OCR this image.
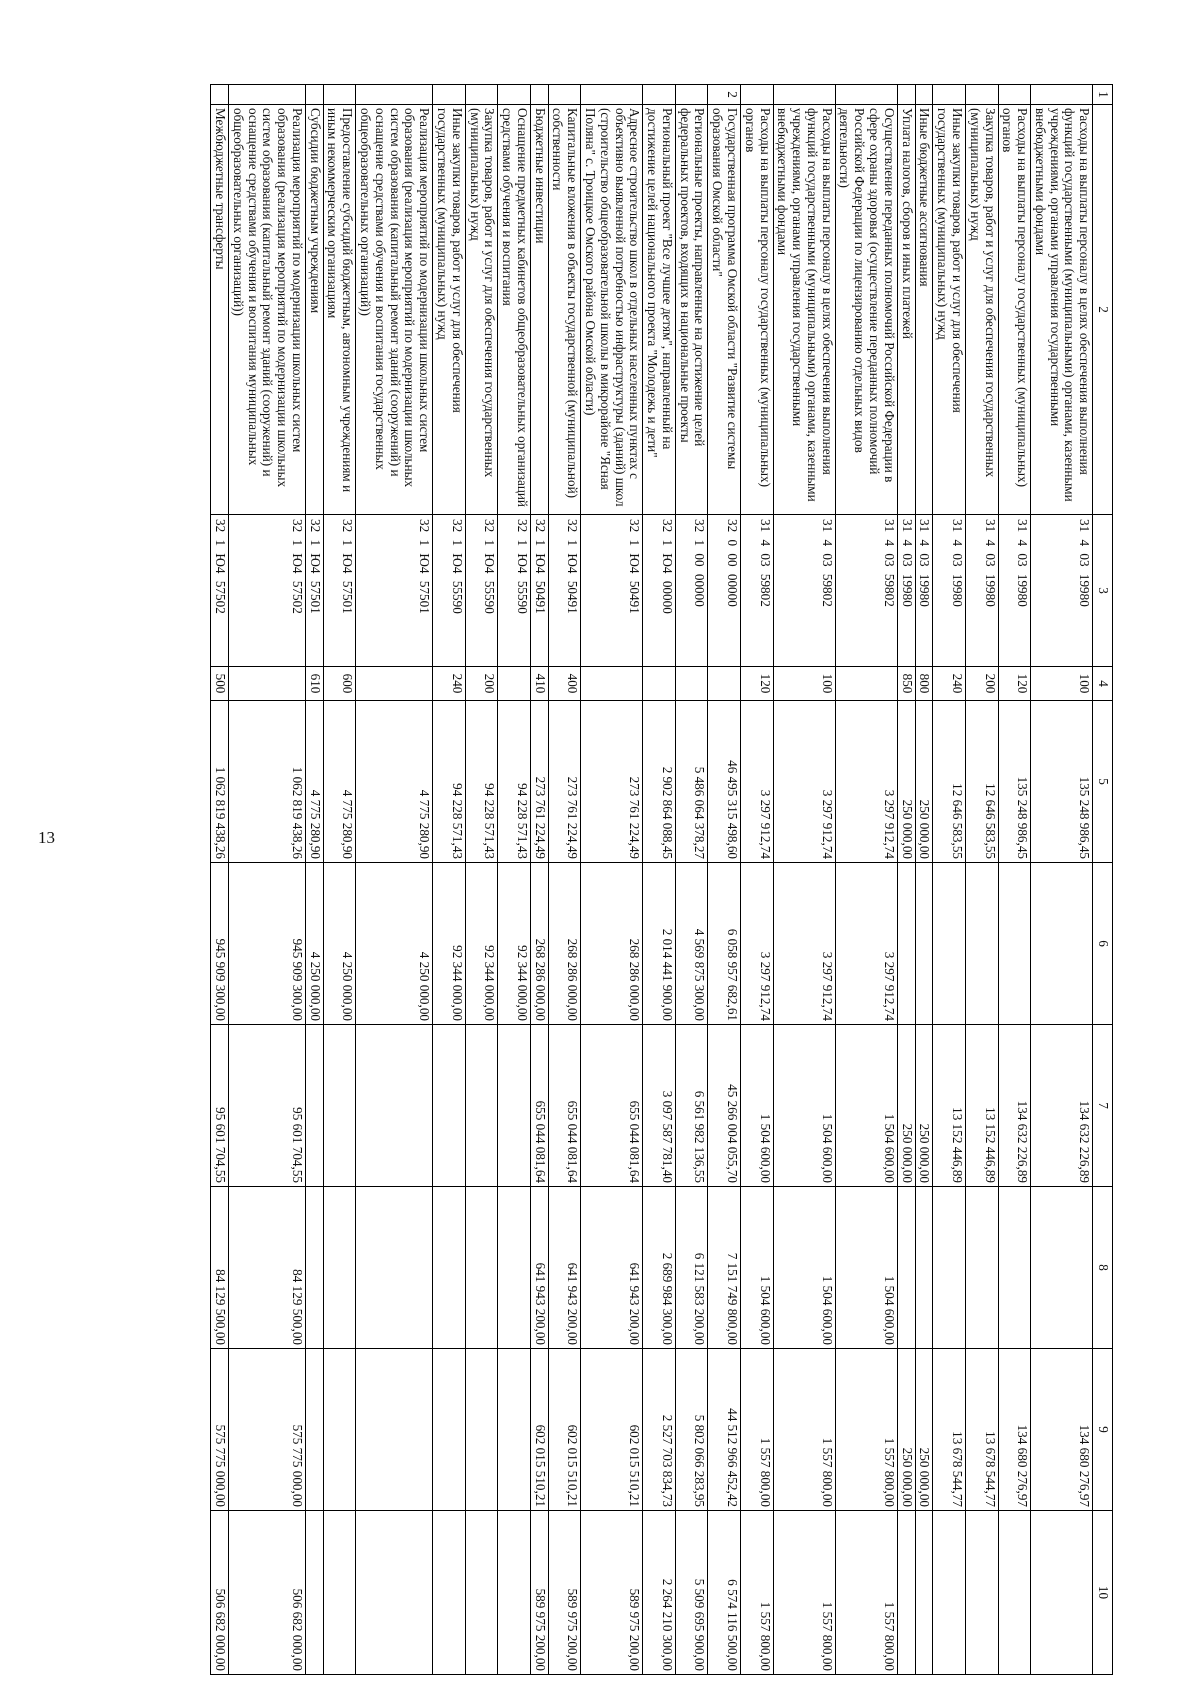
13
1	2	3	4	5	6	7	8	9	10
	Расходы на выплаты персоналу в целях обеспечения выполнения функций государственными (муниципальными) органами, казенными учреждениями, органами управления государственными внебюджетными фондами	31 4 03 19980	100	135 248 986,45		134 632 226,89		134 680 276,97	
	Расходы на выплаты персоналу государственных (муниципальных) органов	31 4 03 19980	120	135 248 986,45		134 632 226,89		134 680 276,97	
	Закупка товаров, работ и услуг для обеспечения государственных (муниципальных) нужд	31 4 03 19980	200	12 646 583,55		13 152 446,89		13 678 544,77	
	Иные закупки товаров, работ и услуг для обеспечения государственных (муниципальных) нужд	31 4 03 19980	240	12 646 583,55		13 152 446,89		13 678 544,77	
	Иные бюджетные ассигнования	31 4 03 19980	800	250 000,00		250 000,00		250 000,00	
	Уплата налогов, сборов и иных платежей	31 4 03 19980	850	250 000,00		250 000,00		250 000,00	
	Осуществление переданных полномочий Российской Федерации в сфере охраны здоровья (осуществление переданных полномочий Российской Федерации по лицензированию отдельных видов деятельности)	31 4 03 59802		3 297 912,74	3 297 912,74	1 504 600,00	1 504 600,00	1 557 800,00	1 557 800,00
	Расходы на выплаты персоналу в целях обеспечения выполнения функций государственными (муниципальными) органами, казенными учреждениями, органами управления государственными внебюджетными фондами	31 4 03 59802	100	3 297 912,74	3 297 912,74	1 504 600,00	1 504 600,00	1 557 800,00	1 557 800,00
	Расходы на выплаты персоналу государственных (муниципальных) органов	31 4 03 59802	120	3 297 912,74	3 297 912,74	1 504 600,00	1 504 600,00	1 557 800,00	1 557 800,00
2	Государственная программа Омской области "Развитие системы образования Омской области"	32 0 00 00000		46 495 315 498,60	6 058 957 682,61	45 266 004 055,70	7 151 749 800,00	44 512 966 452,42	6 574 116 500,00
	Региональные проекты, направленные на достижение целей федеральных проектов, входящих в национальные проекты	32 1 00 00000		5 486 064 378,27	4 569 875 300,00	6 561 982 136,55	6 121 583 200,00	5 802 066 283,95	5 509 695 900,00
	Региональный проект "Все лучшее детям", направленный на достижение целей национального проекта "Молодежь и дети"	32 1 Ю4 00000		2 902 864 088,45	2 014 441 900,00	3 097 587 781,40	2 689 984 300,00	2 527 703 834,73	2 264 210 300,00
	Адресное строительство школ в отдельных населенных пунктах с объективно выявленной потребностью инфраструктуры (зданий) школ (строительство общеобразовательной школы в микрорайоне "Ясная Поляна" с. Троицкое Омского района Омской области)	32 1 Ю4 50491		273 761 224,49	268 286 000,00	655 044 081,64	641 943 200,00	602 015 510,21	589 975 200,00
	Капитальные вложения в объекты государственной (муниципальной) собственности	32 1 Ю4 50491	400	273 761 224,49	268 286 000,00	655 044 081,64	641 943 200,00	602 015 510,21	589 975 200,00
	Бюджетные инвестиции	32 1 Ю4 50491	410	273 761 224,49	268 286 000,00	655 044 081,64	641 943 200,00	602 015 510,21	589 975 200,00
	Оснащение предметных кабинетов общеобразовательных организаций средствами обучения и воспитания	32 1 Ю4 55590		94 228 571,43	92 344 000,00				
	Закупка товаров, работ и услуг для обеспечения государственных (муниципальных) нужд	32 1 Ю4 55590	200	94 228 571,43	92 344 000,00				
	Иные закупки товаров, работ и услуг для обеспечения государственных (муниципальных) нужд	32 1 Ю4 55590	240	94 228 571,43	92 344 000,00				
	Реализация мероприятий по модернизации школьных систем образования (реализация мероприятий по модернизации школьных систем образования (капитальный ремонт зданий (сооружений) и оснащение средствами обучения и воспитания государственных общеобразовательных организаций))	32 1 Ю4 57501		4 775 280,90	4 250 000,00				
	Предоставление субсидий бюджетным, автономным учреждениям и иным некоммерческим организациям	32 1 Ю4 57501	600	4 775 280,90	4 250 000,00				
	Субсидии бюджетным учреждениям	32 1 Ю4 57501	610	4 775 280,90	4 250 000,00				
	Реализация мероприятий по модернизации школьных систем образования (реализация мероприятий по модернизации школьных систем образования (капитальный ремонт зданий (сооружений) и оснащение средствами обучения и воспитания муниципальных общеобразовательных организаций))	32 1 Ю4 57502		1 062 819 438,26	945 909 300,00	95 601 704,55	84 129 500,00	575 775 000,00	506 682 000,00
	Межбюджетные трансферты	32 1 Ю4 57502	500	1 062 819 438,26	945 909 300,00	95 601 704,55	84 129 500,00	575 775 000,00	506 682 000,00
